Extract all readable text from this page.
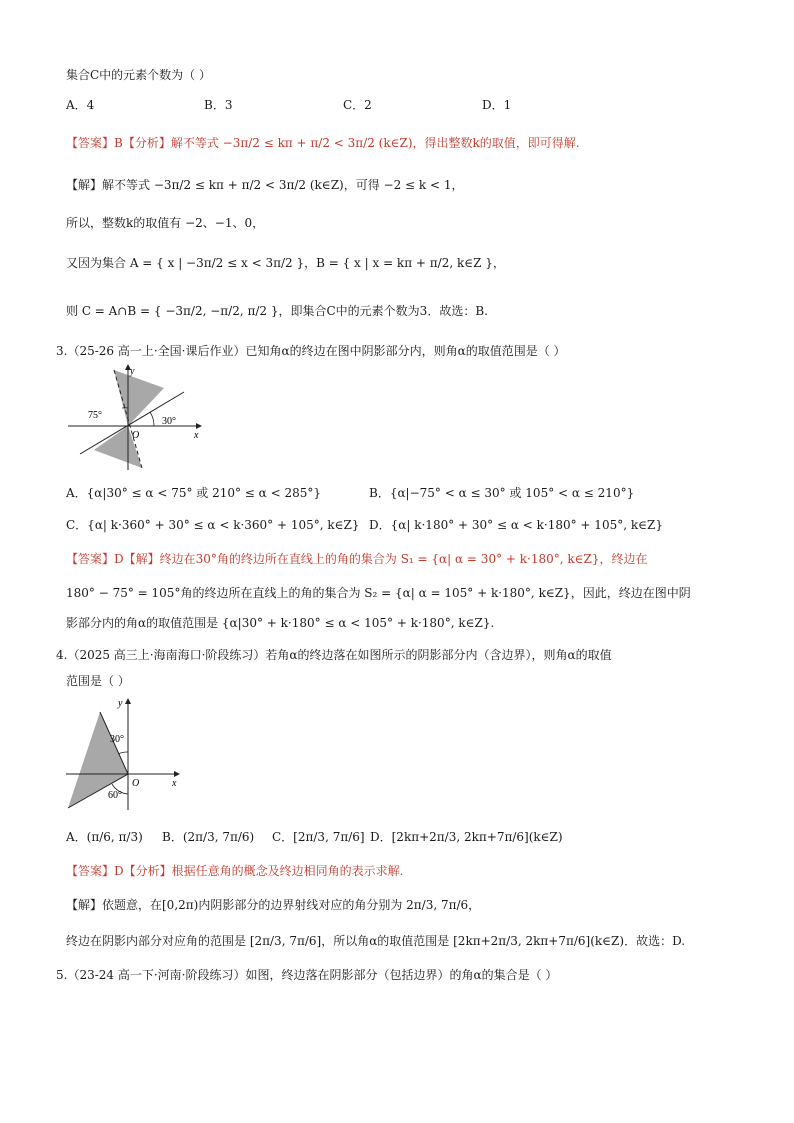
集合C中的元素个数为（ ）
A．4	B．3	C．2	D．1
【答案】B【分析】解不等式 −3π/2 ≤ kπ + π/2 < 3π/2 (k∈Z)，得出整数k的取值，即可得解.
【解】解不等式 −3π/2 ≤ kπ + π/2 < 3π/2 (k∈Z)，可得 −2 ≤ k < 1，
所以，整数k的取值有 −2、−1、0，
又因为集合 A = { x | −3π/2 ≤ x < 3π/2 }，B = { x | x = kπ + π/2, k∈Z }，
则 C = A∩B = { −3π/2, −π/2, π/2 }，即集合C中的元素个数为3．故选：B.
3.（25-26 高一上·全国·课后作业）已知角α的终边在图中阴影部分内，则角α的取值范围是（ ）
y
x
O
75°
30°
A．{α|30° ≤ α < 75° 或 210° ≤ α < 285°}	B．{α|−75° < α ≤ 30° 或 105° < α ≤ 210°}
C．{α| k·360° + 30° ≤ α < k·360° + 105°, k∈Z} D．{α| k·180° + 30° ≤ α < k·180° + 105°, k∈Z}
【答案】D【解】终边在30°角的终边所在直线上的角的集合为 S₁ = {α| α = 30° + k·180°, k∈Z}，终边在
180° − 75° = 105°角的终边所在直线上的角的集合为 S₂ = {α| α = 105° + k·180°, k∈Z}，因此，终边在图中阴
影部分内的角α的取值范围是 {α|30° + k·180° ≤ α < 105° + k·180°, k∈Z}.
4.（2025 高三上·海南海口·阶段练习）若角α的终边落在如图所示的阴影部分内（含边界），则角α的取值
范围是（ ）
y
x
O
30°
60°
A．(π/6, π/3) B．(2π/3, 7π/6) C．[2π/3, 7π/6] D．[2kπ+2π/3, 2kπ+7π/6](k∈Z)
【答案】D【分析】根据任意角的概念及终边相同角的表示求解.
【解】依题意，在[0,2π)内阴影部分的边界射线对应的角分别为 2π/3, 7π/6，
终边在阴影内部分对应角的范围是 [2π/3, 7π/6]，所以角α的取值范围是 [2kπ+2π/3, 2kπ+7π/6](k∈Z)．故选：D.
5.（23-24 高一下·河南·阶段练习）如图，终边落在阴影部分（包括边界）的角α的集合是（ ）
